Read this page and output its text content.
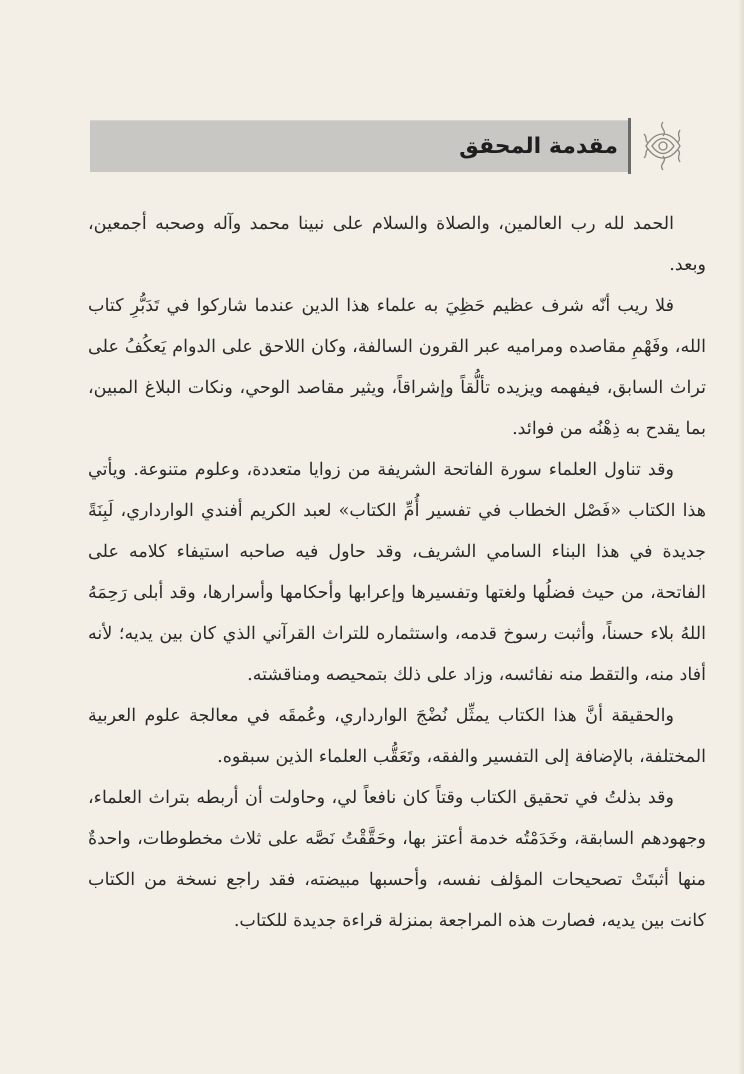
مقدمة المحقق

الحمد لله رب العالمين، والصلاة والسلام على نبينا محمد وآله وصحبه أجمعين، وبعد.

فلا ريب أنّه شرف عظيم حَظِيَ به علماء هذا الدين عندما شاركوا في تَدَبُّرِ كتاب الله، وفَهْمِ مقاصده ومراميه عبر القرون السالفة، وكان اللاحق على الدوام يَعكُفُ على تراث السابق، فيفهمه ويزيده تألُّقاً وإشراقاً، ويثير مقاصد الوحي، ونكات البلاغ المبين، بما يقدح به ذِهْنُه من فوائد.

وقد تناول العلماء سورة الفاتحة الشريفة من زوايا متعددة، وعلوم متنوعة. ويأتي هذا الكتاب «فَصْل الخطاب في تفسير أُمِّ الكتاب» لعبد الكريم أفندي الوارداري، لَبِنَةً جديدة في هذا البناء السامي الشريف، وقد حاول فيه صاحبه استيفاء كلامه على الفاتحة، من حيث فضلُها ولغتها وتفسيرها وإعرابها وأحكامها وأسرارها، وقد أبلى رَحِمَهُ اللهُ بلاء حسناً، وأثبت رسوخ قدمه، واستثماره للتراث القرآني الذي كان بين يديه؛ لأنه أفاد منه، والتقط منه نفائسه، وزاد على ذلك بتمحيصه ومناقشته.

والحقيقة أنَّ هذا الكتاب يمثِّل نُضْجَ الوارداري، وعُمقَه في معالجة علوم العربية المختلفة، بالإضافة إلى التفسير والفقه، وتَعَقُّب العلماء الذين سبقوه.

وقد بذلتُ في تحقيق الكتاب وقتاً كان نافعاً لي، وحاولت أن أربطه بتراث العلماء، وجهودهم السابقة، وخَدَمْتُه خدمة أعتز بها، وحَقَّقْتُ نَصَّه على ثلاث مخطوطات، واحدةٌ منها أثبتَتْ تصحيحات المؤلف نفسه، وأحسبها مبيضته، فقد راجع نسخة من الكتاب كانت بين يديه، فصارت هذه المراجعة بمنزلة قراءة جديدة للكتاب.
